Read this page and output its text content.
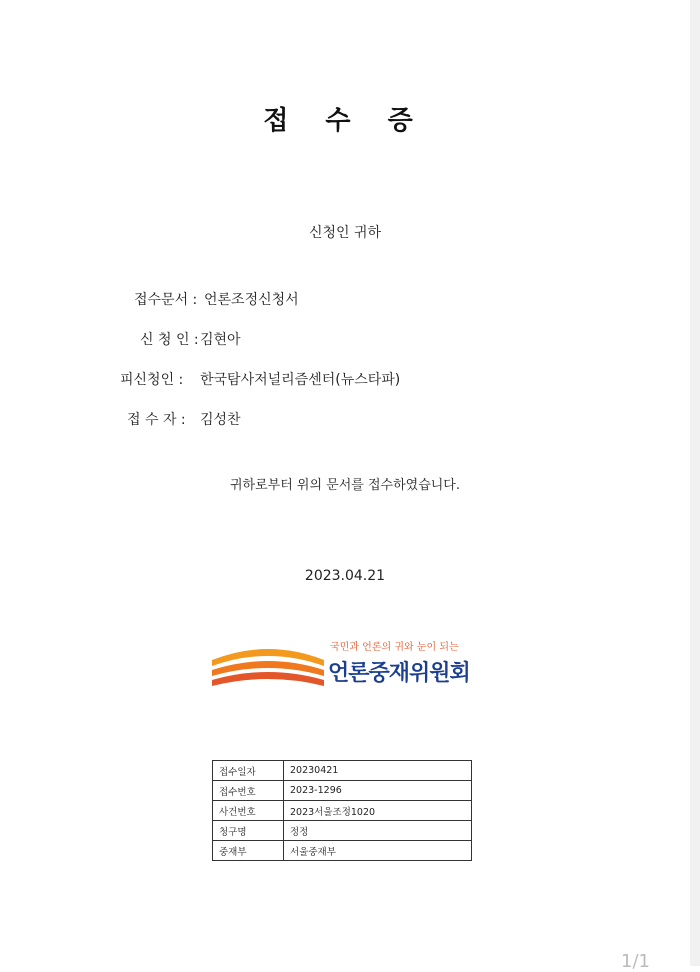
접 수 증
신청인 귀하
접수문서 : 언론조정신청서
신 청 인 : 김현아
피신청인 : 한국탐사저널리즘센터(뉴스타파)
접 수 자 : 김성찬
귀하로부터 위의 문서를 접수하였습니다.
2023.04.21
국민과 언론의 귀와 눈이 되는
언론중재위원회
접수일자	20230421
접수번호	2023-1296
사건번호	2023서울조정1020
청구명	정정
중재부	서울중재부
1/1
